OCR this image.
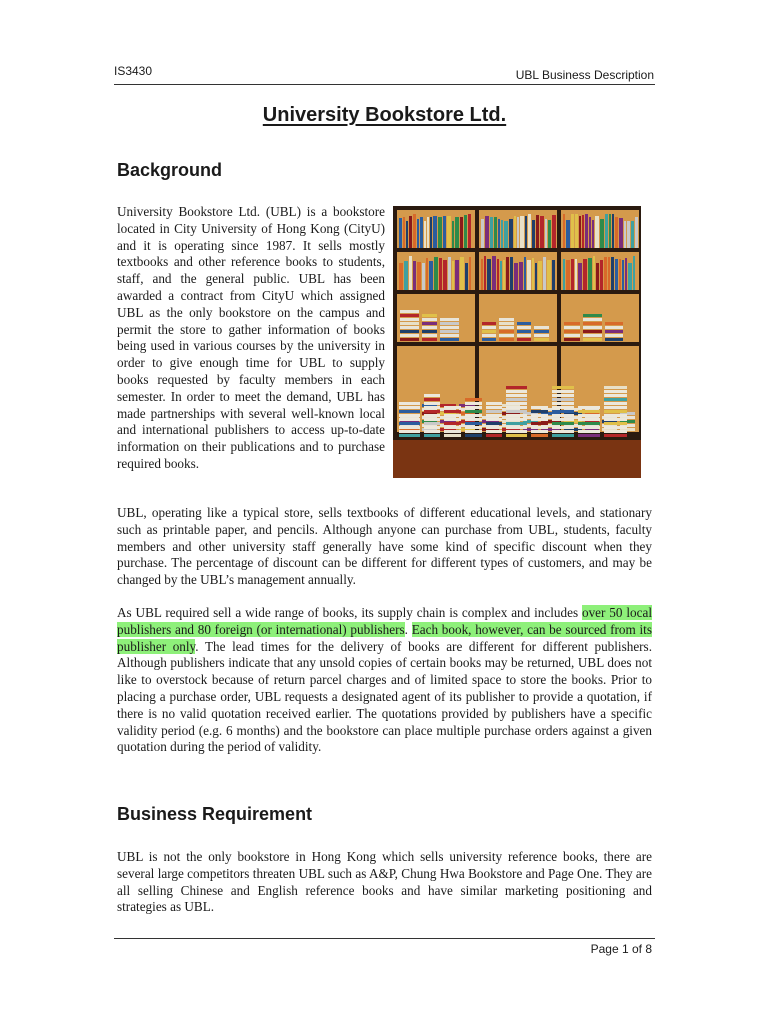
IS3430	UBL Business Description
University Bookstore Ltd.
Background

University Bookstore Ltd. (UBL) is a bookstore located in City University of Hong Kong (CityU) and it is operating since 1987. It sells mostly textbooks and other reference books to students, staff, and the general public. UBL has been awarded a contract from CityU which assigned UBL as the only bookstore on the campus and permit the store to gather information of books being used in various courses by the university in order to give enough time for UBL to supply books requested by faculty members in each semester. In order to meet the demand, UBL has made partnerships with several well-known local and international publishers to access up-to-date information on their publications and to purchase required books.

UBL, operating like a typical store, sells textbooks of different educational levels, and stationary such as printable paper, and pencils. Although anyone can purchase from UBL, students, faculty members and other university staff generally have some kind of specific discount when they purchase. The percentage of discount can be different for different types of customers, and may be changed by the UBL’s management annually.

As UBL required sell a wide range of books, its supply chain is complex and includes over 50 local publishers and 80 foreign (or international) publishers. Each book, however, can be sourced from its publisher only. The lead times for the delivery of books are different for different publishers. Although publishers indicate that any unsold copies of certain books may be returned, UBL does not like to overstock because of return parcel charges and of limited space to store the books. Prior to placing a purchase order, UBL requests a designated agent of its publisher to provide a quotation, if there is no valid quotation received earlier. The quotations provided by publishers have a specific validity period (e.g. 6 months) and the bookstore can place multiple purchase orders against a given quotation during the period of validity.

Business Requirement

UBL is not the only bookstore in Hong Kong which sells university reference books, there are several large competitors threaten UBL such as A&P, Chung Hwa Bookstore and Page One. They are all selling Chinese and English reference books and have similar marketing positioning and strategies as UBL.

Page 1 of 8
